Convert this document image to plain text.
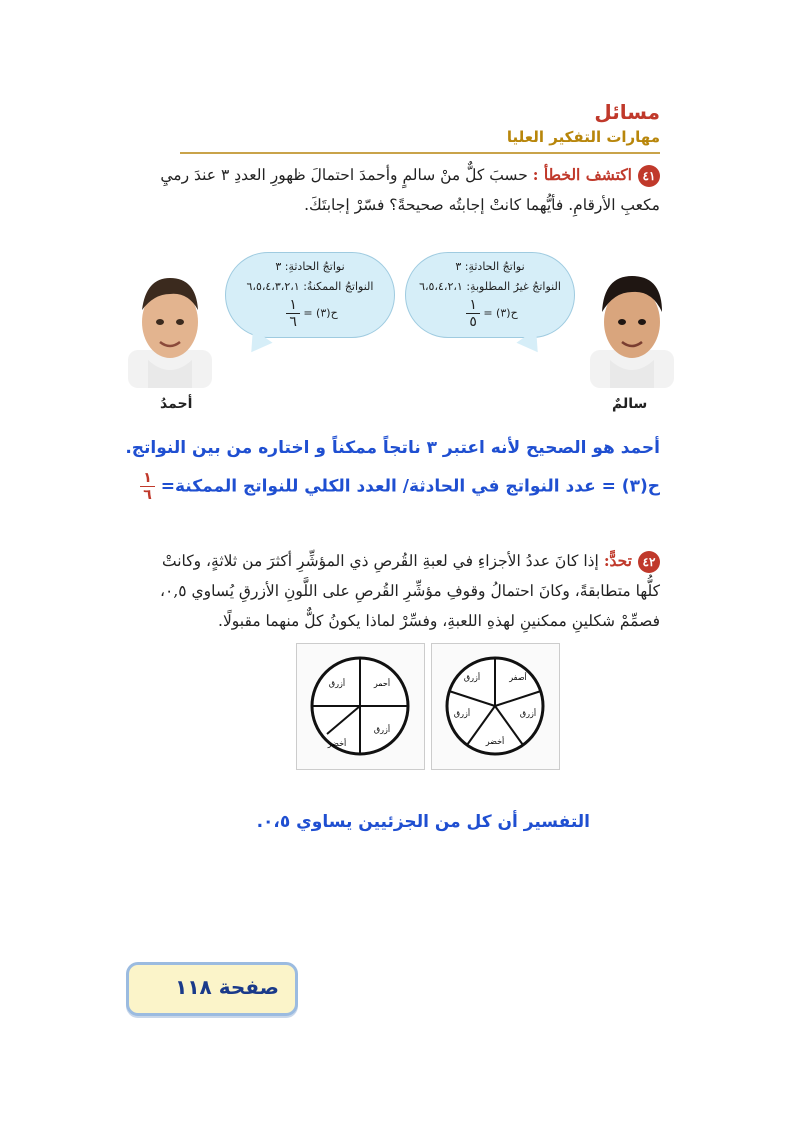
مسائل
مهارات التفكير العليا
٤١اكتشف الخطأ : حسبَ كلٌّ منْ سالمٍ وأحمدَ احتمالَ ظهورِ العددِ ٣ عندَ رميِ مكعبِ الأرقامِ. فأيُّهما كانتْ إجابتُه صحيحةً؟ فسّرْ إجابتَكَ.
نواتجُ الحادثةِ: ٣
النواتجُ غيرُ المطلوبةِ: ٦،٥،٤،٢،١
ح(٣) =
$\frac{١}{٥}$
نواتجُ الحادثةِ: ٣
النواتجُ الممكنةُ: ٦،٥،٤،٣،٢،١
ح(٣) =
$\frac{١}{٦}$
أحمدُ	سالمٌ
أحمد هو الصحيح لأنه اعتبر ٣ ناتجاً ممكناً و اختاره من بين النواتج.
ح(٣) = عدد النواتج في الحادثة/ العدد الكلي للنواتج الممكنة=
$\frac{١}{٦}$
٤٢تحدًّ: إذا كانَ عددُ الأجزاءِ في لعبةِ القُرصِ ذي المؤشِّرِ أكثرَ من ثلاثةٍ، وكانتْ كلُّها متطابقةً، وكانَ احتمالُ وقوفِ مؤشِّرِ القُرصِ على اللَّونِ الأزرقِ يُساوي ٠,٥، فصمِّمْ شكلينِ ممكنينِ لهذهِ اللعبةِ، وفسِّرْ لماذا يكونُ كلٌّ منهما مقبولًا.
أحمر
أزرق
أزرق
أخضر
أصفر
أزرق
أزرق
أزرق
أخضر
التفسير أن كل من الجزئيين يساوي ٠،٥.
صفحة ١١٨
